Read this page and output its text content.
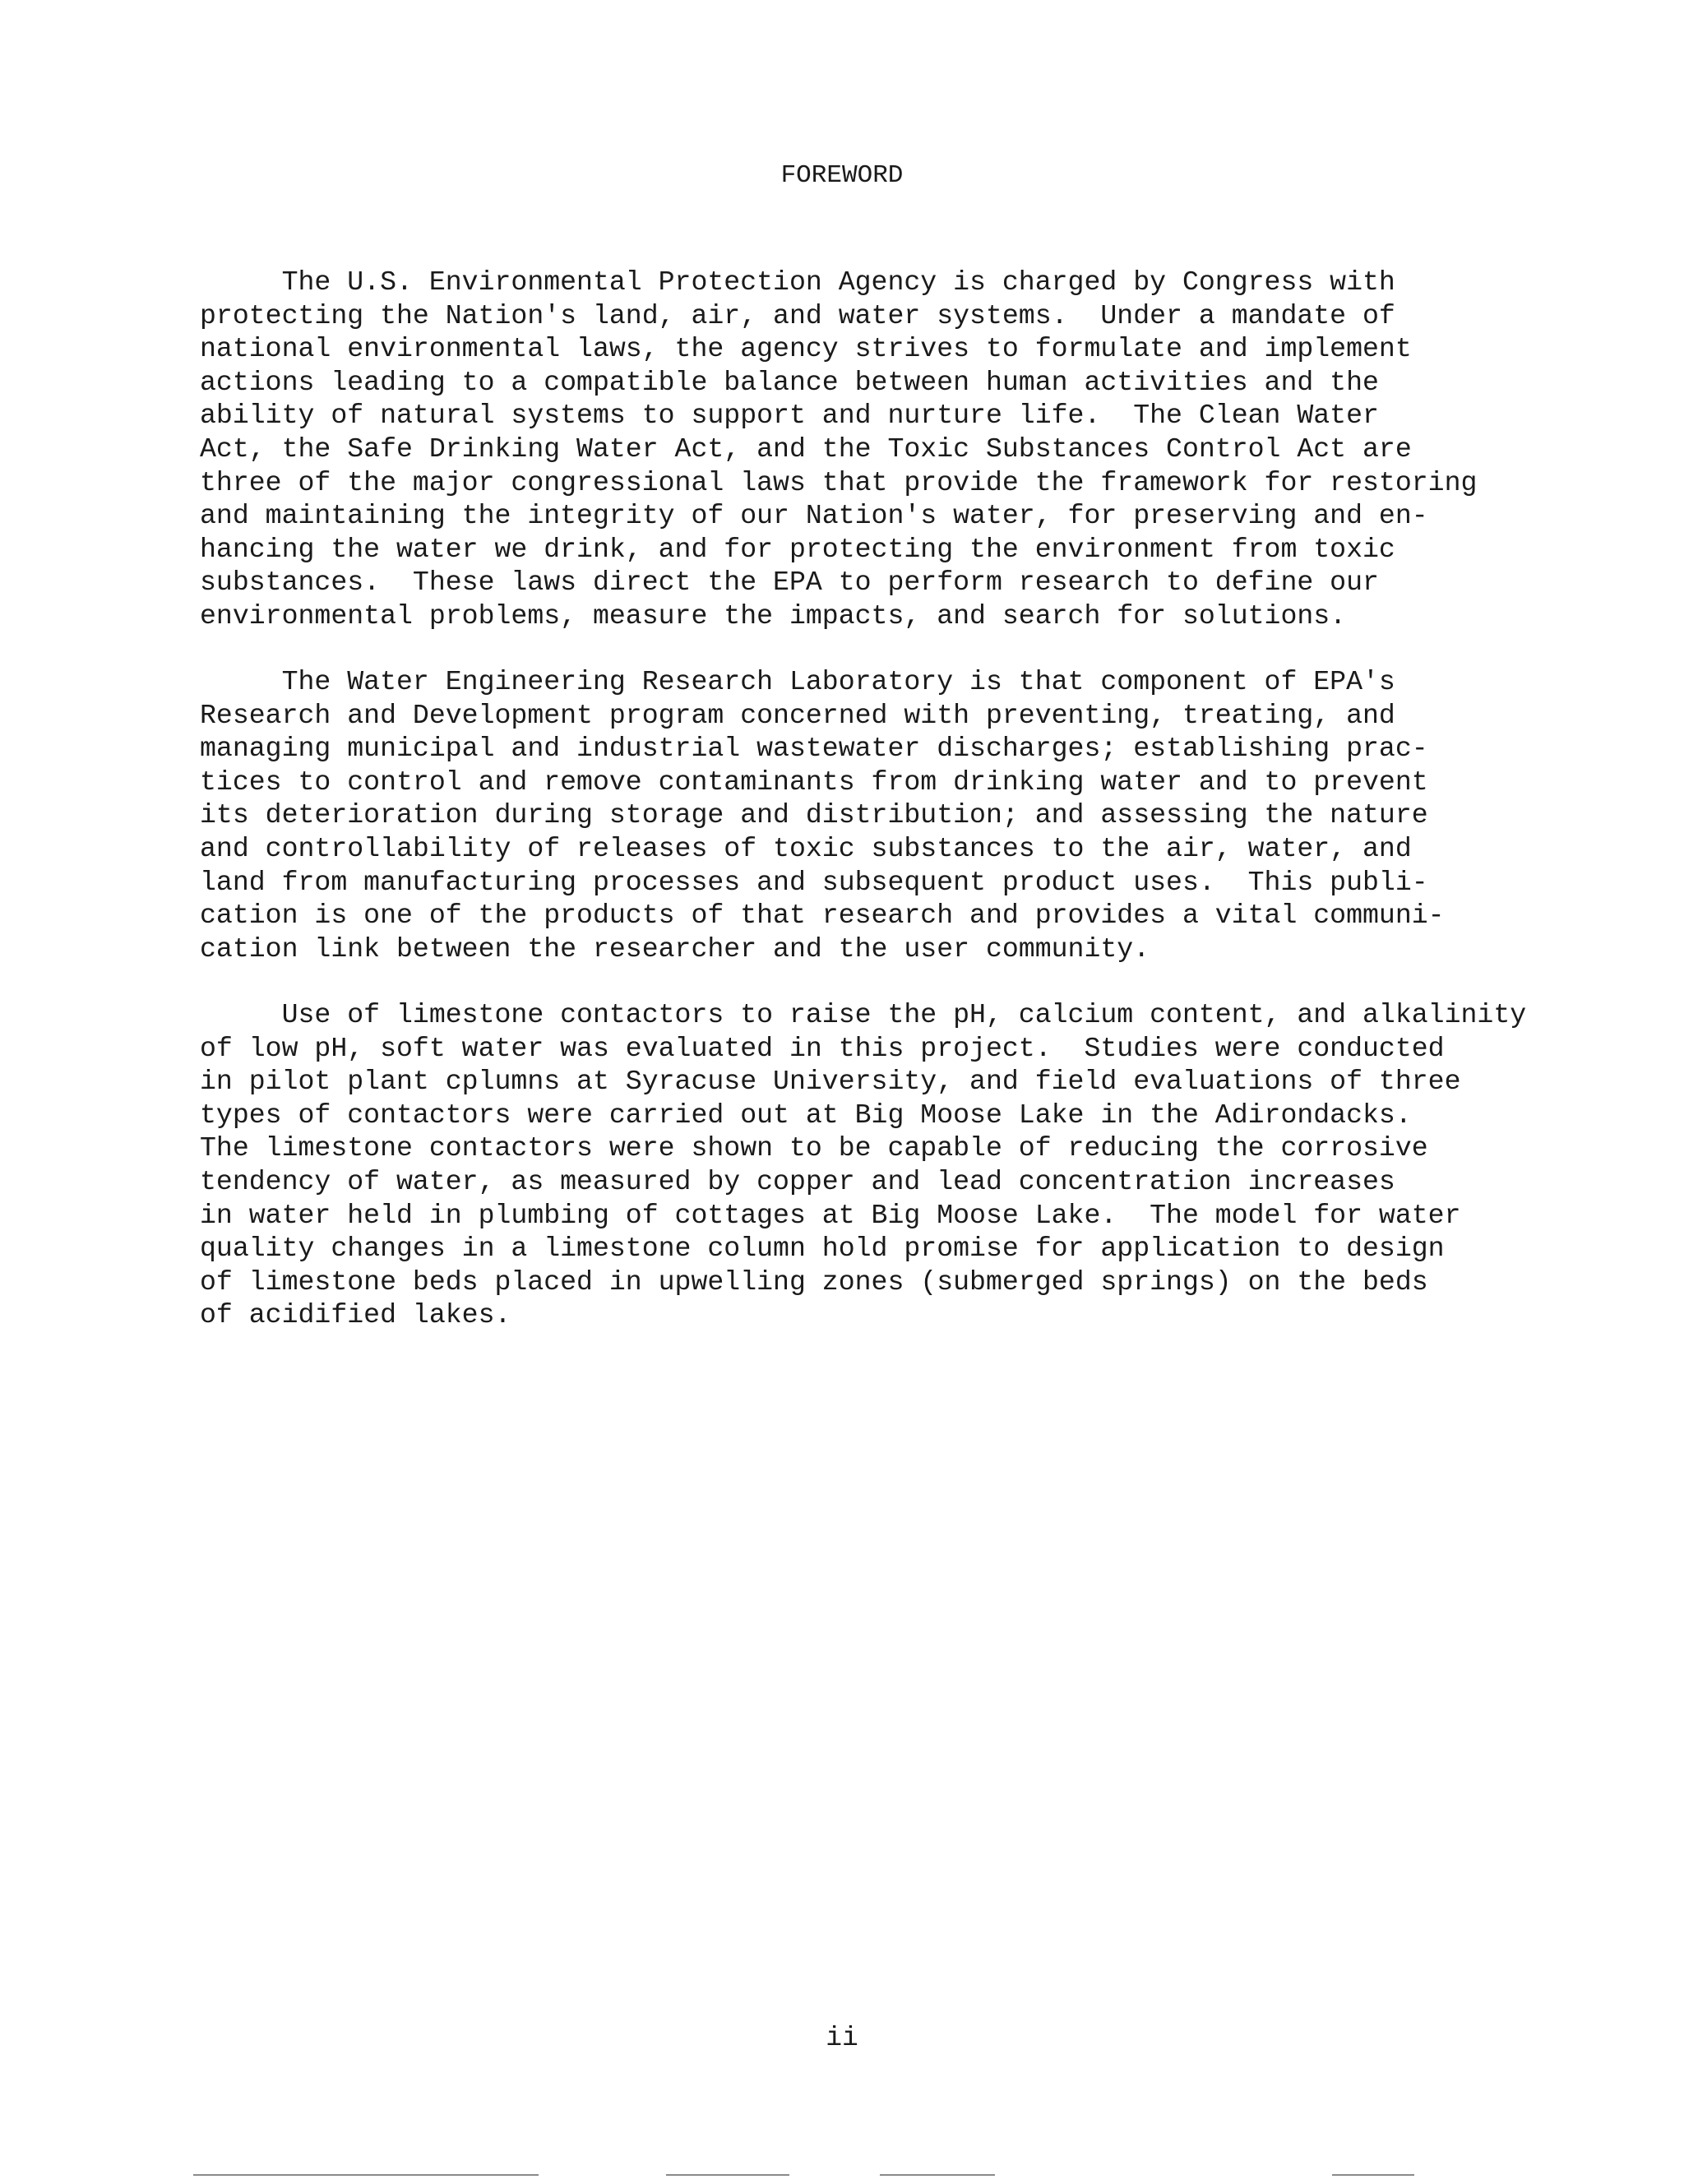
FOREWORD
The U.S. Environmental Protection Agency is charged by Congress with
protecting the Nation's land, air, and water systems.  Under a mandate of
national environmental laws, the agency strives to formulate and implement
actions leading to a compatible balance between human activities and the
ability of natural systems to support and nurture life.  The Clean Water
Act, the Safe Drinking Water Act, and the Toxic Substances Control Act are
three of the major congressional laws that provide the framework for restoring
and maintaining the integrity of our Nation's water, for preserving and en-
hancing the water we drink, and for protecting the environment from toxic
substances.  These laws direct the EPA to perform research to define our
environmental problems, measure the impacts, and search for solutions.
The Water Engineering Research Laboratory is that component of EPA's
Research and Development program concerned with preventing, treating, and
managing municipal and industrial wastewater discharges; establishing prac-
tices to control and remove contaminants from drinking water and to prevent
its deterioration during storage and distribution; and assessing the nature
and controllability of releases of toxic substances to the air, water, and
land from manufacturing processes and subsequent product uses.  This publi-
cation is one of the products of that research and provides a vital communi-
cation link between the researcher and the user community.
Use of limestone contactors to raise the pH, calcium content, and alkalinity
of low pH, soft water was evaluated in this project.  Studies were conducted
in pilot plant cplumns at Syracuse University, and field evaluations of three
types of contactors were carried out at Big Moose Lake in the Adirondacks.
The limestone contactors were shown to be capable of reducing the corrosive
tendency of water, as measured by copper and lead concentration increases
in water held in plumbing of cottages at Big Moose Lake.  The model for water
quality changes in a limestone column hold promise for application to design
of limestone beds placed in upwelling zones (submerged springs) on the beds
of acidified lakes.
ii
